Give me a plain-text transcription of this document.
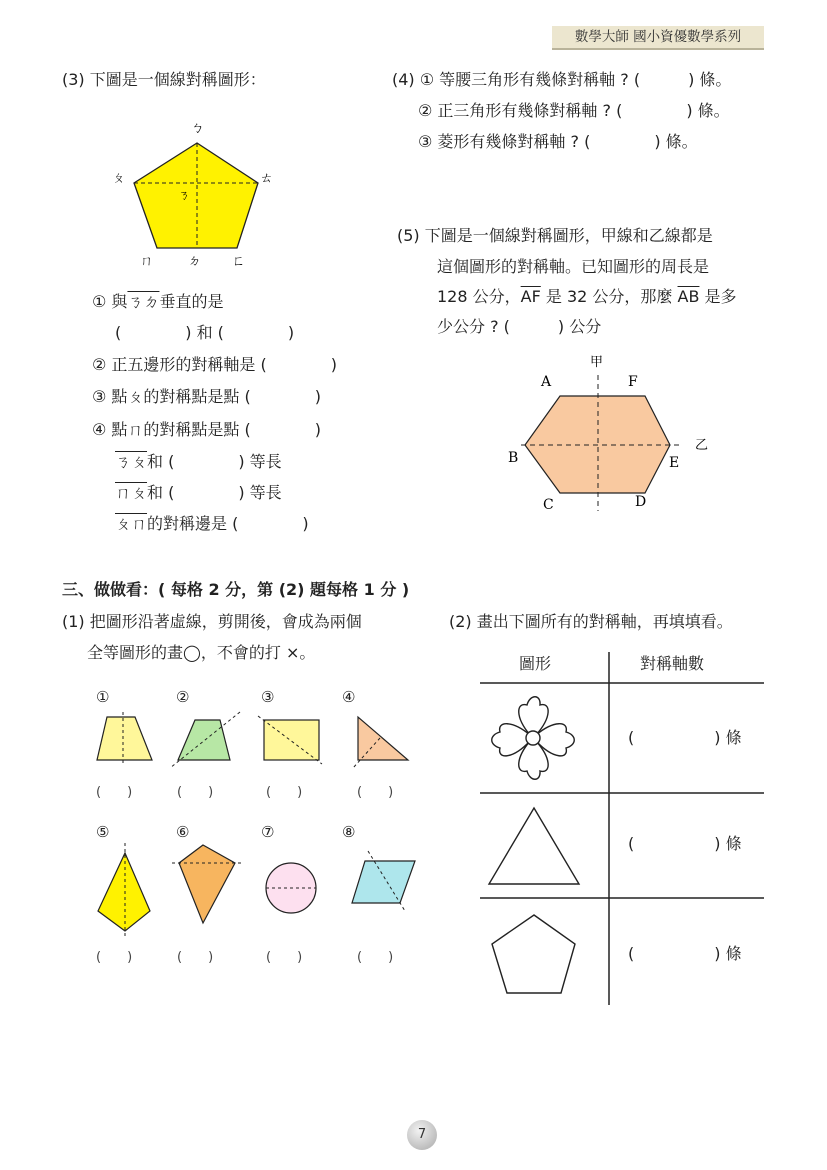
數學大師 國小資優數學系列
(3) 下圖是一個線對稱圖形：
ㄅ
ㄆ	ㄊ
ㄇ	ㄉ ㄈ
ㄋ
① 與ㄋㄉ垂直的是
(　　　　) 和 (　　　　)
② 正五邊形的對稱軸是 (　　　　)
③ 點ㄆ的對稱點是點 (　　　　)
④ 點ㄇ的對稱點是點 (　　　　)
ㄋㄆ和 (　　　　) 等長
ㄇㄆ和 (　　　　) 等長
ㄆㄇ的對稱邊是 (　　　　)
(4) ① 等腰三角形有幾條對稱軸 ? (　　　) 條。
② 正三角形有幾條對稱軸 ? (　　　　) 條。
③ 菱形有幾條對稱軸 ? (　　　　) 條。
(5) 下圖是一個線對稱圖形，甲線和乙線都是
這個圖形的對稱軸。已知圖形的周長是
128 公分，$\overline{AF}$ 是 32 公分，那麼 $\overline{AB}$ 是多
少公分 ? (　　　) 公分
甲
乙
A	F
B	E
C	D
三、做做看：( 每格 2 分，第 (2) 題每格 1 分 )
(1) 把圖形沿著虛線，剪開後，會成為兩個
全等圖形的畫◯，不會的打 ×。
(2) 畫出下圖所有的對稱軸，再填填看。
①	②	③	④
(　　)	(　　)	(　　)	(　　)
⑤	⑥	⑦	⑧
(　　)	(　　)	(　　)	(　　)
圖形	對稱軸數
(　　　　　) 條
(　　　　　) 條
(　　　　　) 條
7
